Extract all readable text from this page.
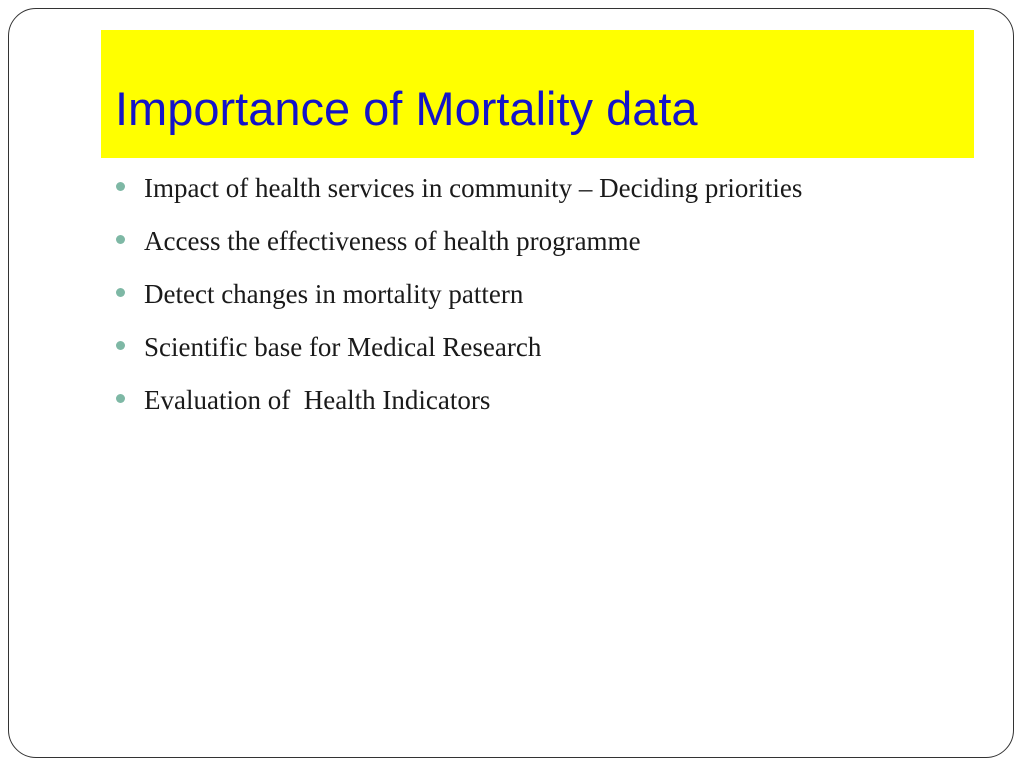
Importance of Mortality data
Impact of health services in community – Deciding priorities
Access the effectiveness of health programme
Detect changes in mortality pattern
Scientific base for Medical Research
Evaluation of  Health Indicators
